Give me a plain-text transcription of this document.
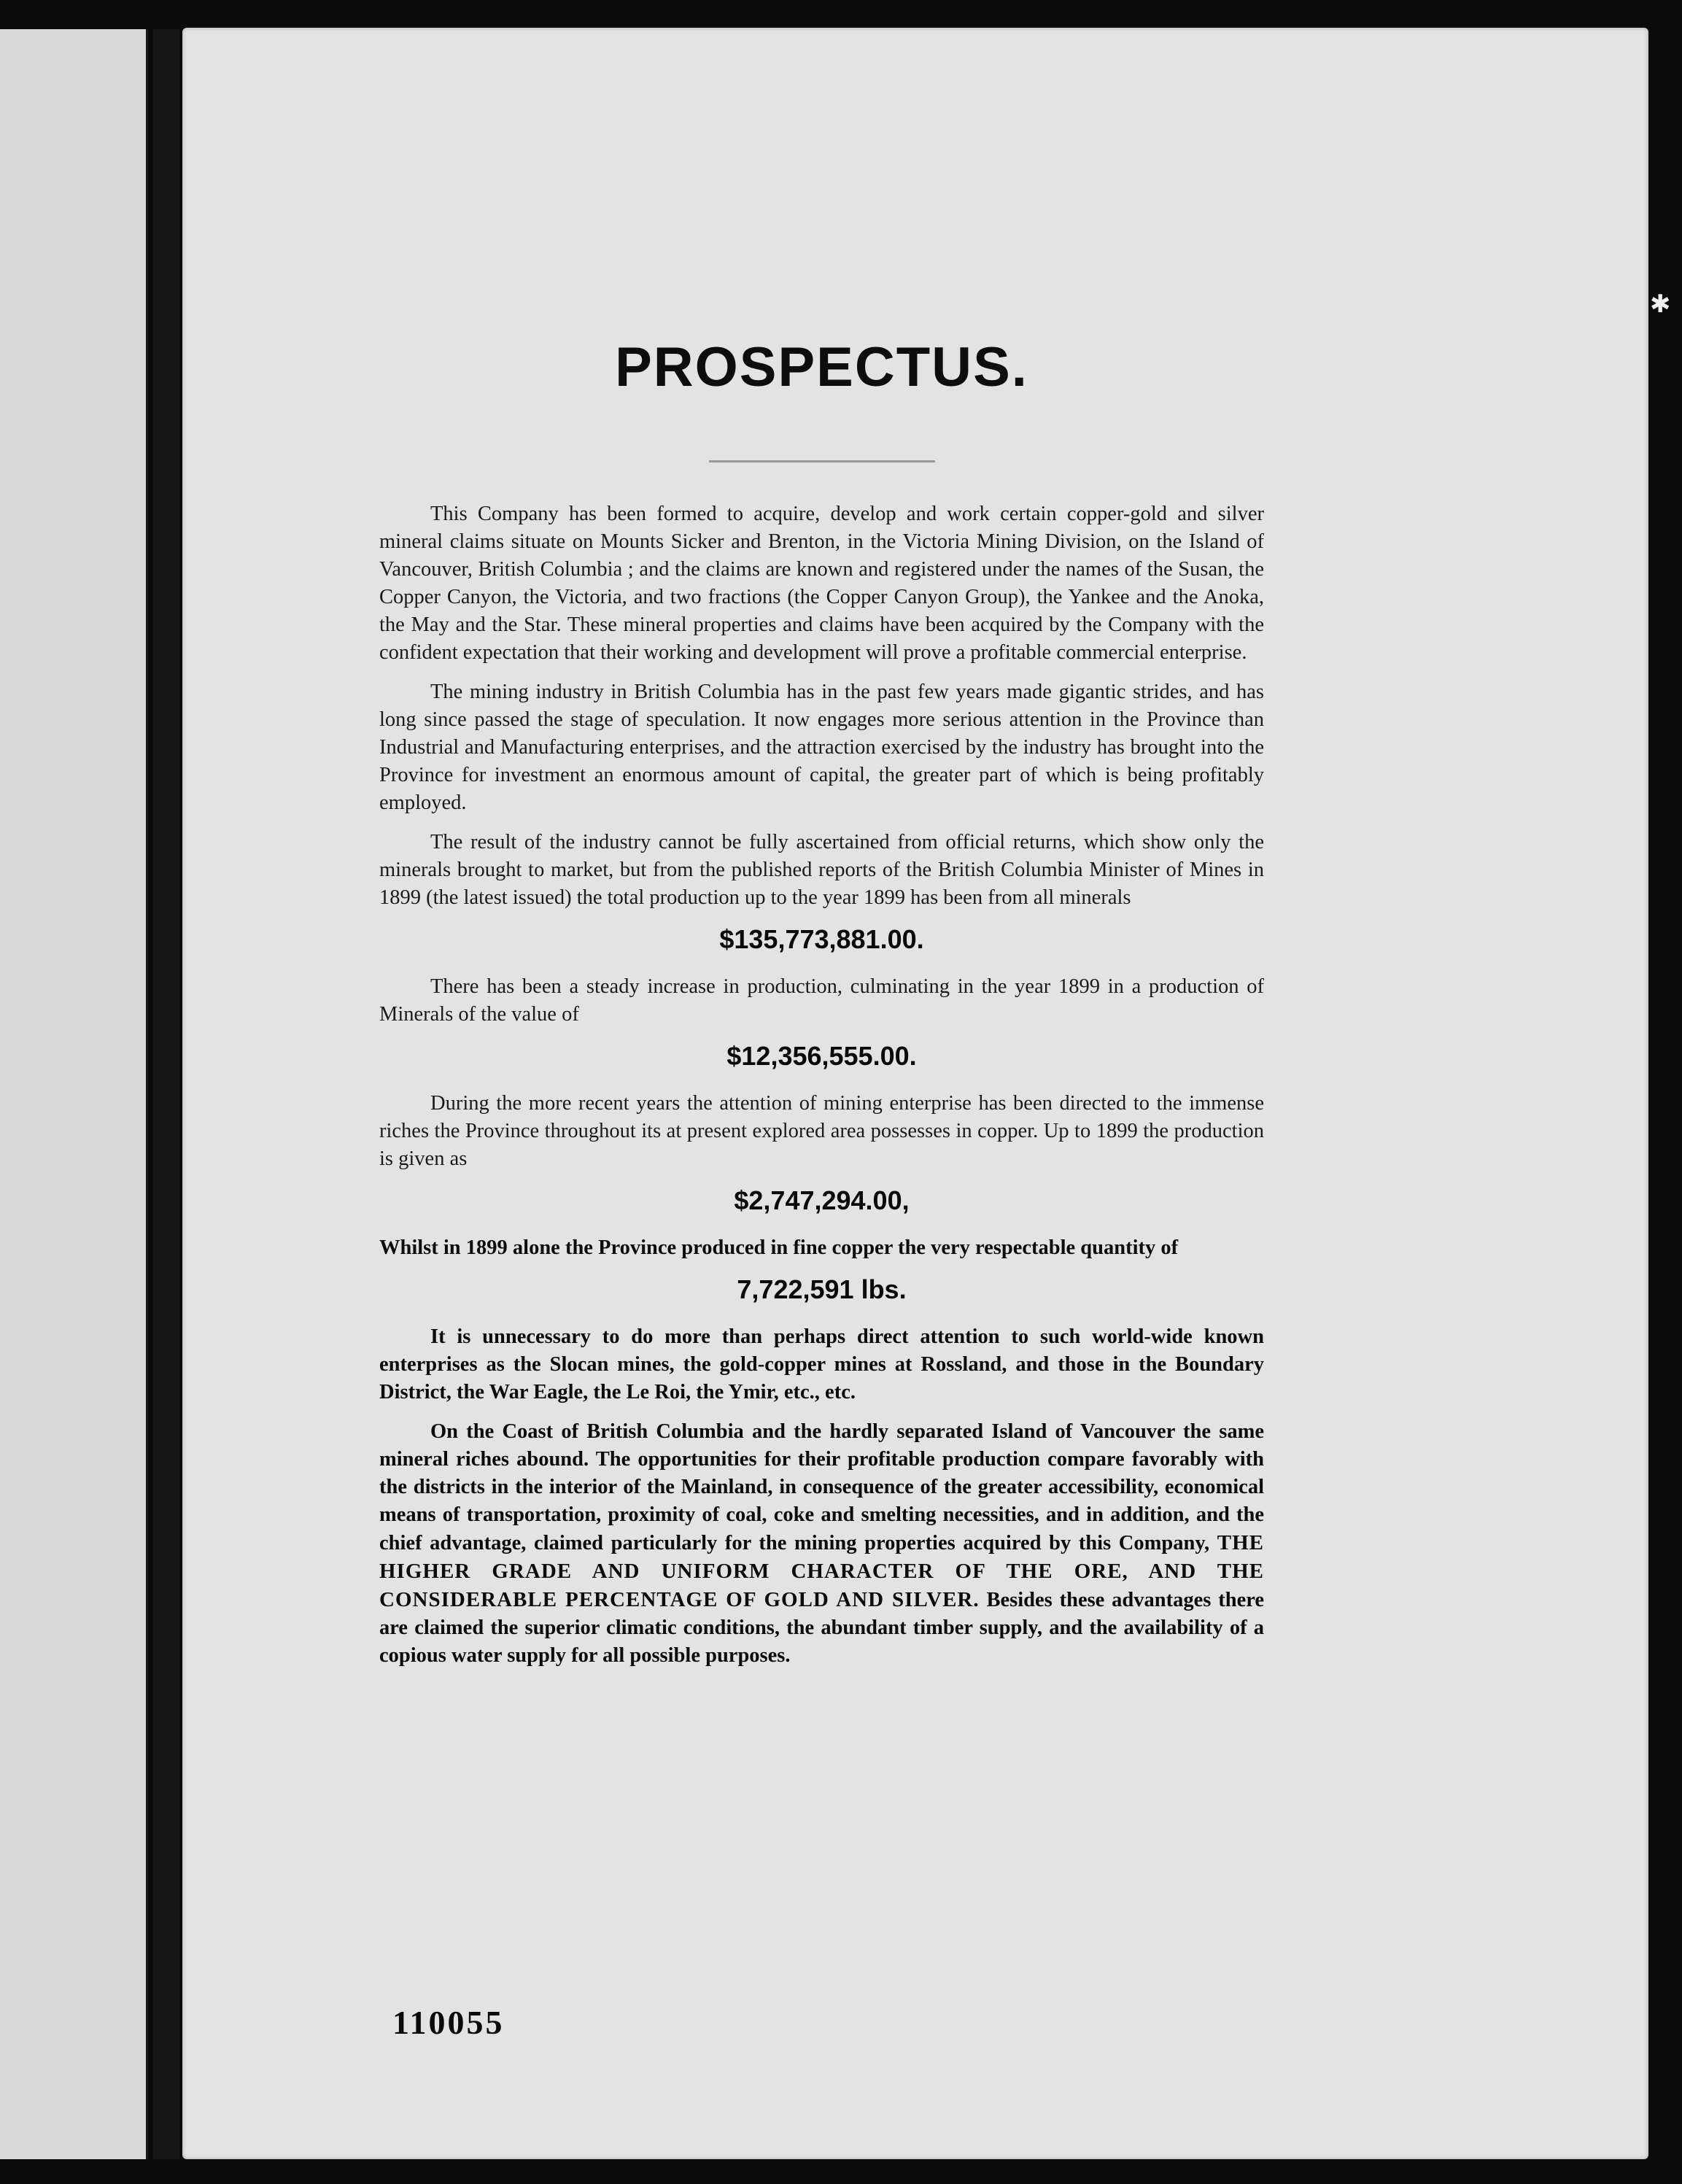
✱
PROSPECTUS.

This Company has been formed to acquire, develop and work certain copper-gold and silver mineral claims situate on Mounts Sicker and Brenton, in the Victoria Mining Division, on the Island of Vancouver, British Columbia ; and the claims are known and registered under the names of the Susan, the Copper Canyon, the Victoria, and two fractions (the Copper Canyon Group), the Yankee and the Anoka, the May and the Star. These mineral properties and claims have been acquired by the Company with the confident expectation that their working and development will prove a profitable commercial enterprise.

The mining industry in British Columbia has in the past few years made gigantic strides, and has long since passed the stage of speculation. It now engages more serious attention in the Province than Industrial and Manufacturing enterprises, and the attraction exercised by the industry has brought into the Province for investment an enormous amount of capital, the greater part of which is being profitably employed.

The result of the industry cannot be fully ascertained from official returns, which show only the minerals brought to market, but from the published reports of the British Columbia Minister of Mines in 1899 (the latest issued) the total production up to the year 1899 has been from all minerals

$135,773,881.00.

There has been a steady increase in production, culminating in the year 1899 in a production of Minerals of the value of

$12,356,555.00.

During the more recent years the attention of mining enterprise has been directed to the immense riches the Province throughout its at present explored area possesses in copper. Up to 1899 the production is given as

$2,747,294.00,

Whilst in 1899 alone the Province produced in fine copper the very respectable quantity of

7,722,591 lbs.

It is unnecessary to do more than perhaps direct attention to such world-wide known enterprises as the Slocan mines, the gold-copper mines at Rossland, and those in the Boundary District, the War Eagle, the Le Roi, the Ymir, etc., etc.

On the Coast of British Columbia and the hardly separated Island of Vancouver the same mineral riches abound. The opportunities for their profitable production compare favorably with the districts in the interior of the Mainland, in consequence of the greater accessibility, economical means of transportation, proximity of coal, coke and smelting necessities, and in addition, and the chief advantage, claimed particularly for the mining properties acquired by this Company, THE HIGHER GRADE AND UNIFORM CHARACTER OF THE ORE, AND THE CONSIDERABLE PERCENTAGE OF GOLD AND SILVER. Besides these advantages there are claimed the superior climatic conditions, the abundant timber supply, and the availability of a copious water supply for all possible purposes.

110055
